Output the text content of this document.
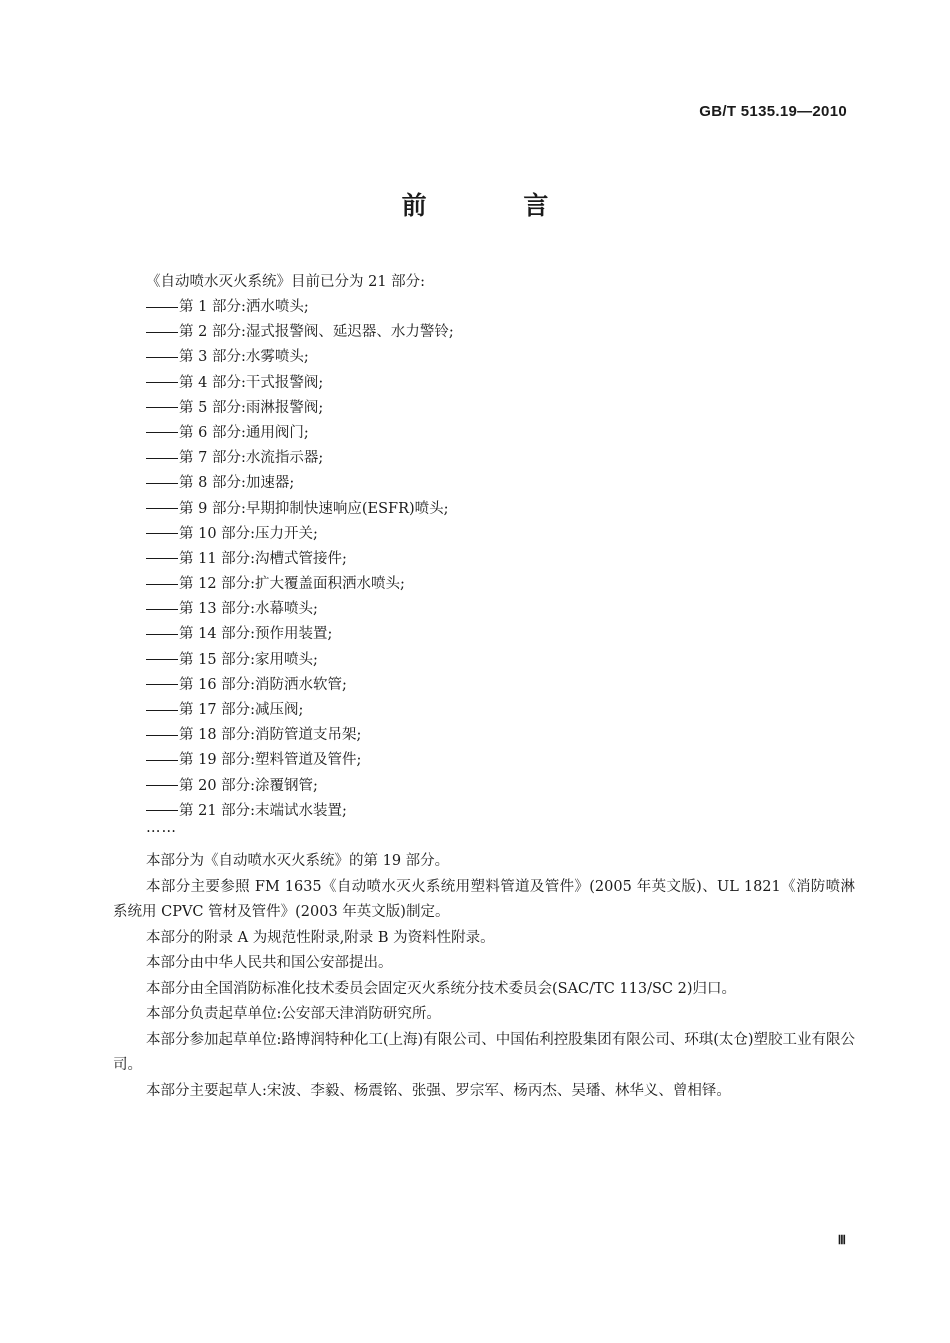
GB/T 5135.19—2010
前 言
《自动喷水灭火系统》目前已分为 21 部分:
第 1 部分:洒水喷头;
第 2 部分:湿式报警阀、延迟器、水力警铃;
第 3 部分:水雾喷头;
第 4 部分:干式报警阀;
第 5 部分:雨淋报警阀;
第 6 部分:通用阀门;
第 7 部分:水流指示器;
第 8 部分:加速器;
第 9 部分:早期抑制快速响应(ESFR)喷头;
第 10 部分:压力开关;
第 11 部分:沟槽式管接件;
第 12 部分:扩大覆盖面积洒水喷头;
第 13 部分:水幕喷头;
第 14 部分:预作用装置;
第 15 部分:家用喷头;
第 16 部分:消防洒水软管;
第 17 部分:减压阀;
第 18 部分:消防管道支吊架;
第 19 部分:塑料管道及管件;
第 20 部分:涂覆钢管;
第 21 部分:末端试水装置;
……

本部分为《自动喷水灭火系统》的第 19 部分。

本部分主要参照 FM 1635《自动喷水灭火系统用塑料管道及管件》(2005 年英文版)、UL 1821《消防喷淋系统用 CPVC 管材及管件》(2003 年英文版)制定。

本部分的附录 A 为规范性附录,附录 B 为资料性附录。

本部分由中华人民共和国公安部提出。

本部分由全国消防标准化技术委员会固定灭火系统分技术委员会(SAC/TC 113/SC 2)归口。

本部分负责起草单位:公安部天津消防研究所。

本部分参加起草单位:路博润特种化工(上海)有限公司、中国佑利控股集团有限公司、环琪(太仓)塑胶工业有限公司。

本部分主要起草人:宋波、李毅、杨震铭、张强、罗宗军、杨丙杰、吴璠、林华义、曾相铎。

Ⅲ
